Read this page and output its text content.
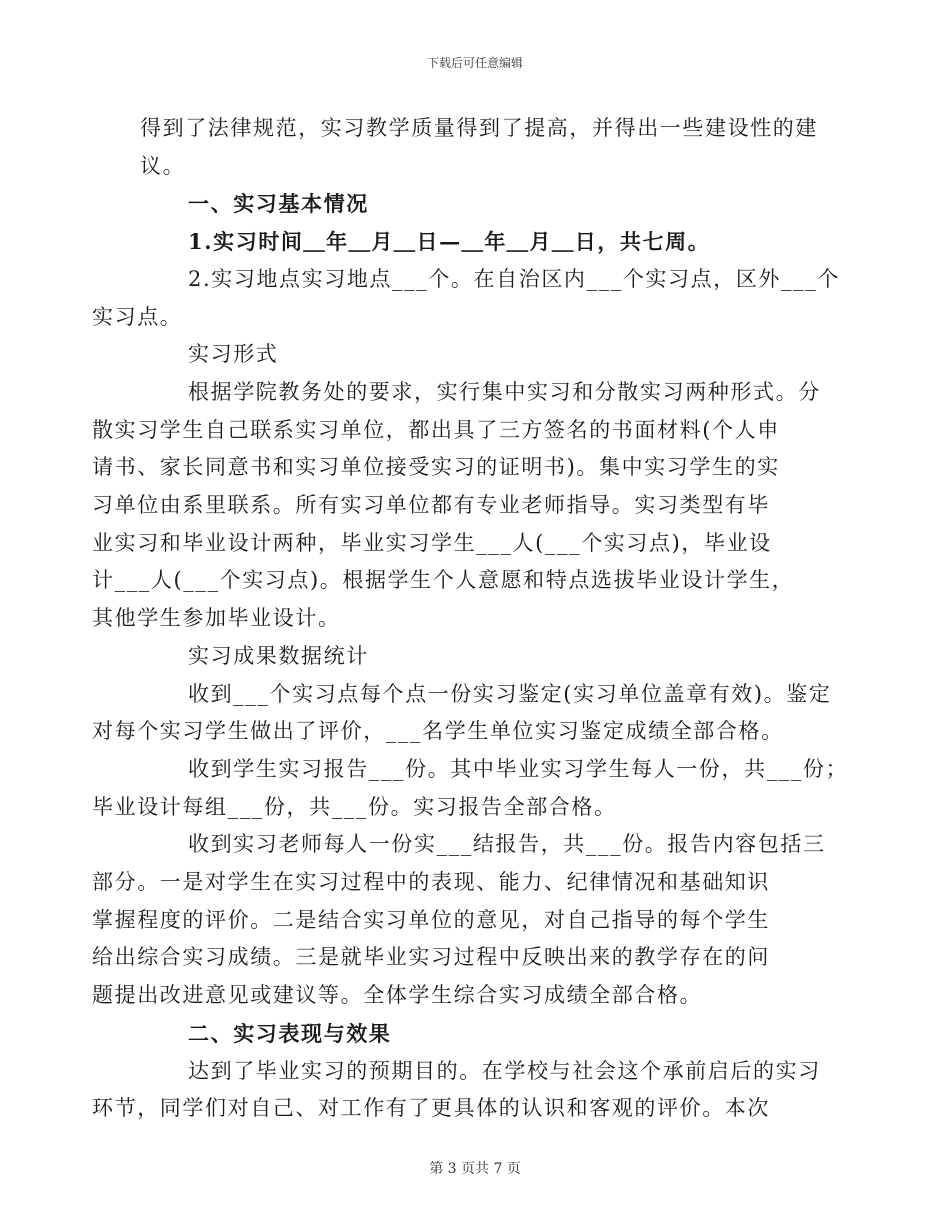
下载后可任意编辑

得到了法律规范，实习教学质量得到了提高，并得出一些建设性的建
议。

一、实习基本情况

1.实习时间＿年＿月＿日—＿年＿月＿日，共七周。

2.实习地点实习地点___个。在自治区内___个实习点，区外___个
实习点。

实习形式

根据学院教务处的要求，实行集中实习和分散实习两种形式。分
散实习学生自己联系实习单位，都出具了三方签名的书面材料(个人申
请书、家长同意书和实习单位接受实习的证明书)。集中实习学生的实
习单位由系里联系。所有实习单位都有专业老师指导。实习类型有毕
业实习和毕业设计两种，毕业实习学生___人(___个实习点)，毕业设
计___人(___个实习点)。根据学生个人意愿和特点选拔毕业设计学生，
其他学生参加毕业设计。

实习成果数据统计

收到___个实习点每个点一份实习鉴定(实习单位盖章有效)。鉴定
对每个实习学生做出了评价，___名学生单位实习鉴定成绩全部合格。

收到学生实习报告___份。其中毕业实习学生每人一份，共___份；
毕业设计每组___份，共___份。实习报告全部合格。

收到实习老师每人一份实___结报告，共___份。报告内容包括三
部分。一是对学生在实习过程中的表现、能力、纪律情况和基础知识
掌握程度的评价。二是结合实习单位的意见，对自己指导的每个学生
给出综合实习成绩。三是就毕业实习过程中反映出来的教学存在的问
题提出改进意见或建议等。全体学生综合实习成绩全部合格。

二、实习表现与效果

达到了毕业实习的预期目的。在学校与社会这个承前启后的实习
环节，同学们对自己、对工作有了更具体的认识和客观的评价。本次

第 3 页共 7 页
